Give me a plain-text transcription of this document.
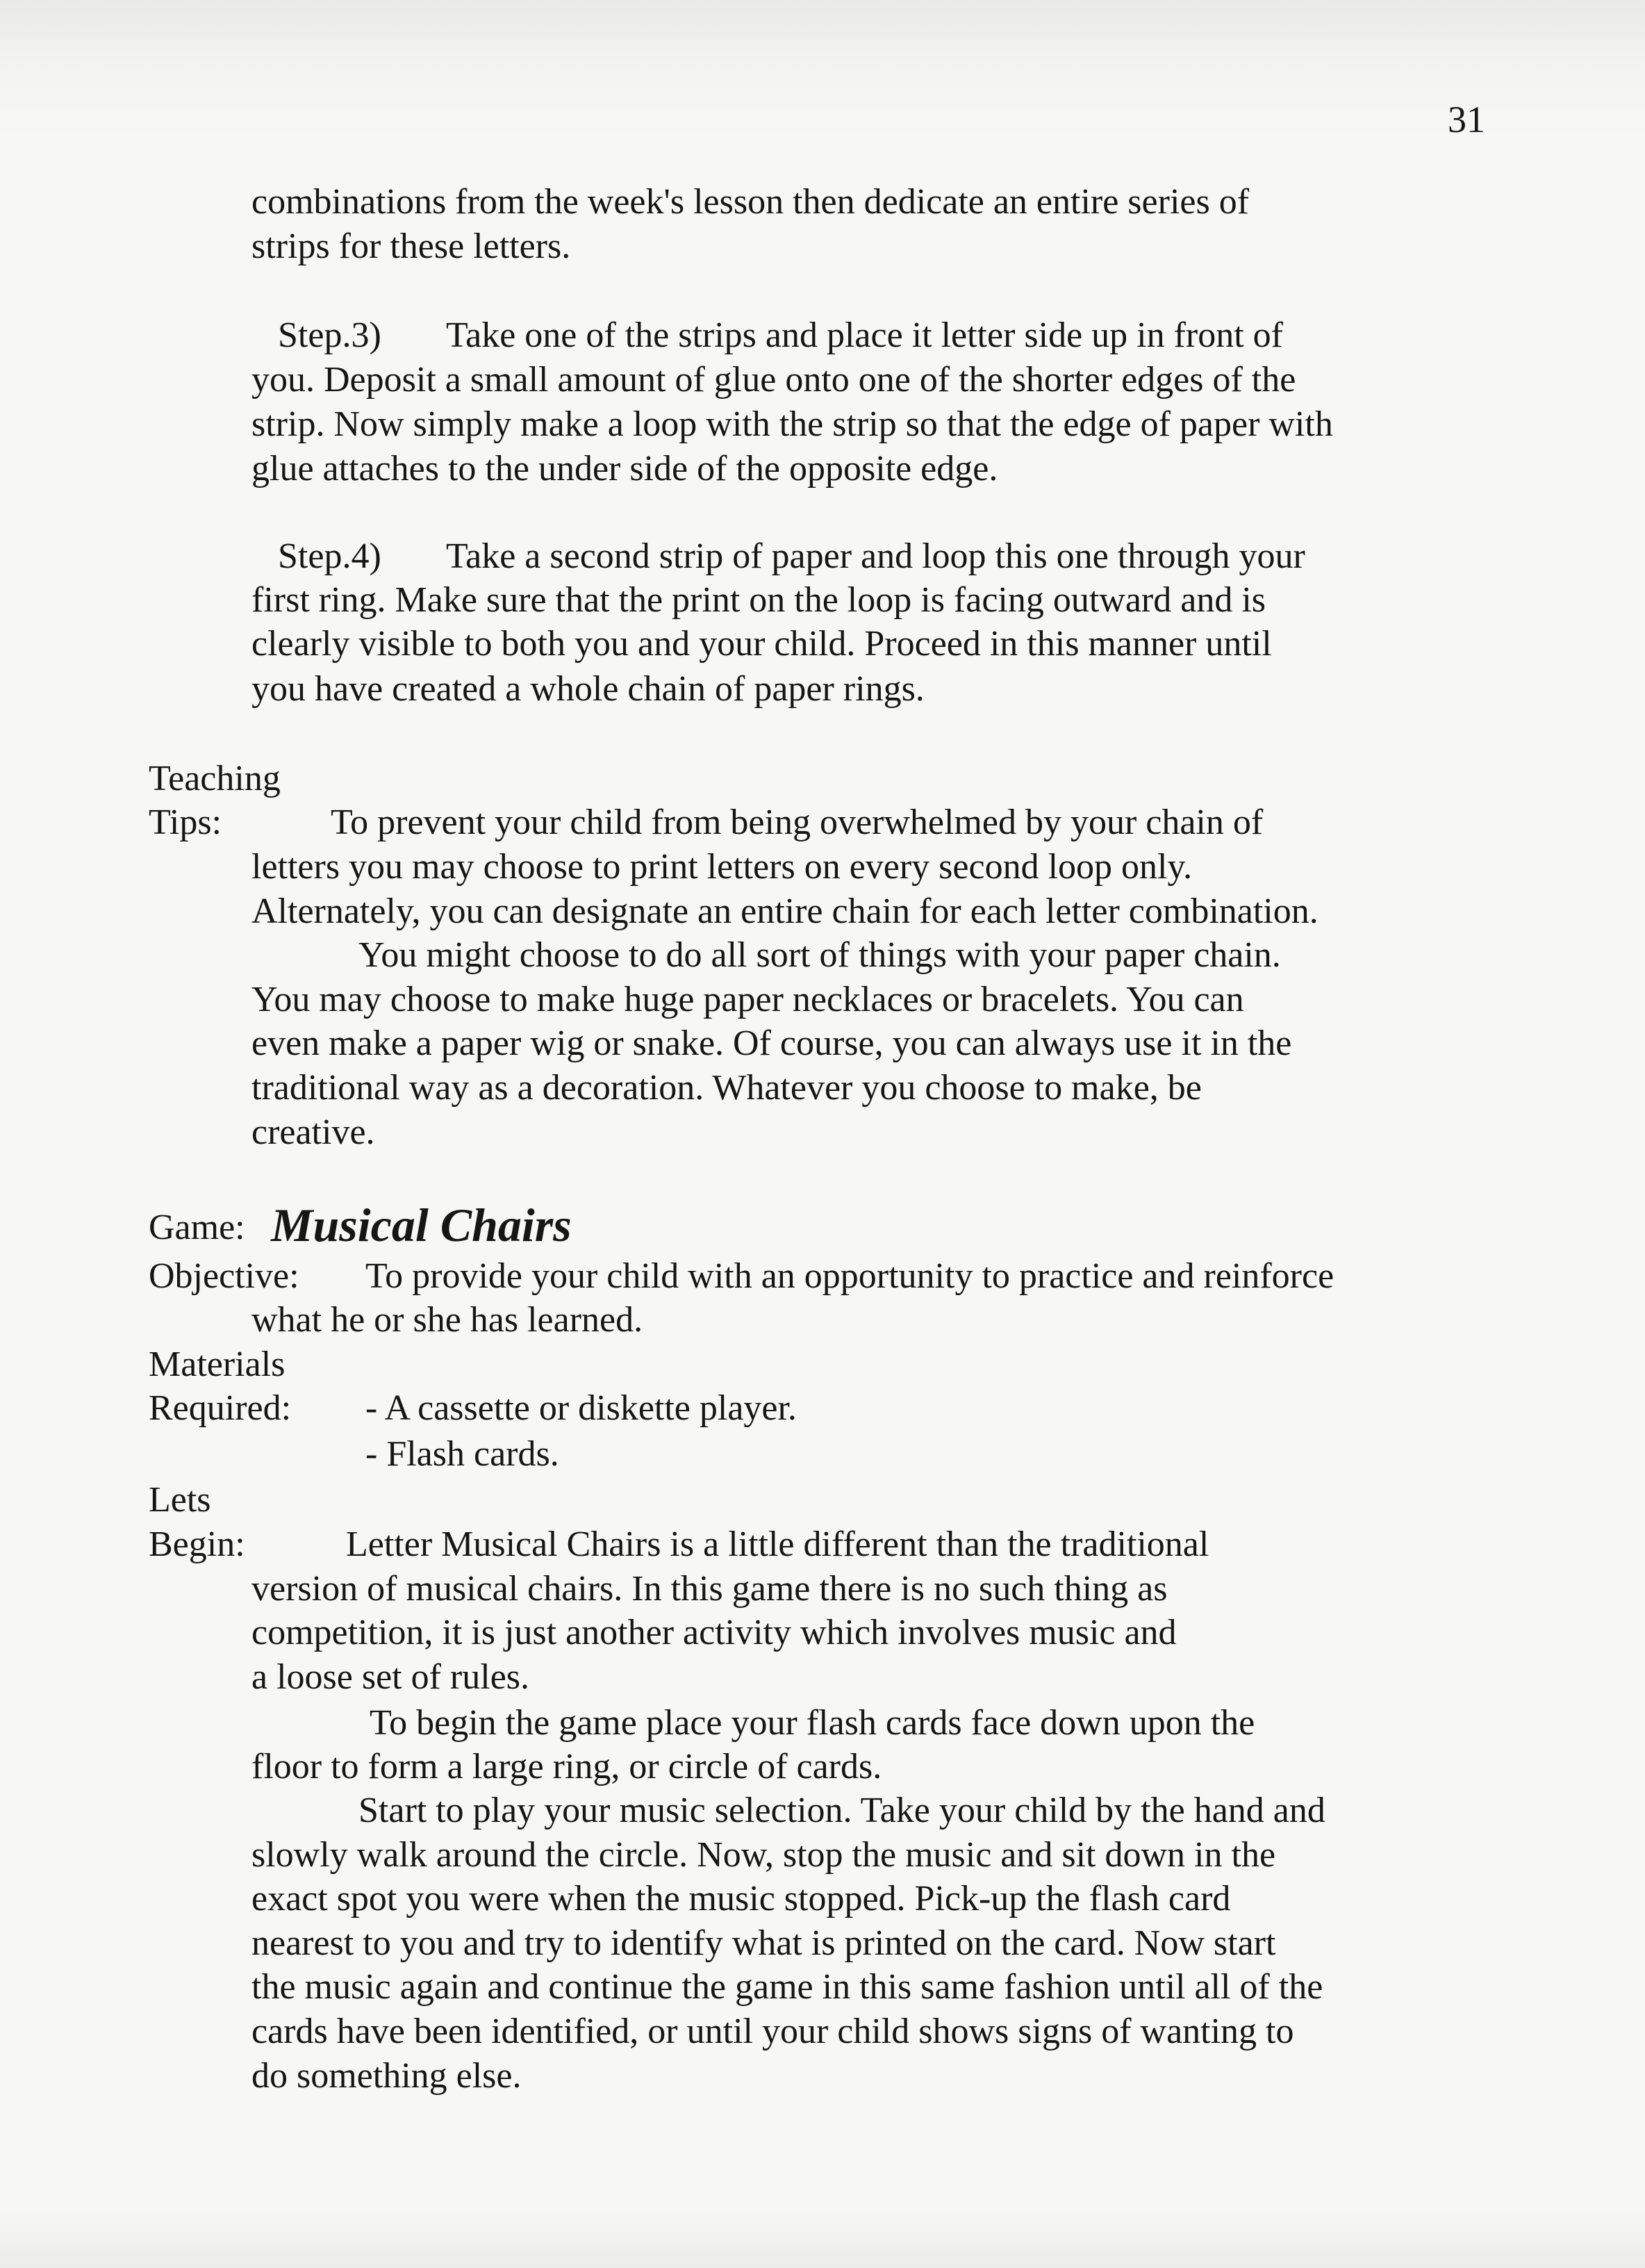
31
combinations from the week's lesson then dedicate an entire series of
strips for these letters.
Step.3) Take one of the strips and place it letter side up in front of
you. Deposit a small amount of glue onto one of the shorter edges of the
strip. Now simply make a loop with the strip so that the edge of paper with
glue attaches to the under side of the opposite edge.
Step.4) Take a second strip of paper and loop this one through your
first ring. Make sure that the print on the loop is facing outward and is
clearly visible to both you and your child. Proceed in this manner until
you have created a whole chain of paper rings.
Teaching
Tips:	To prevent your child from being overwhelmed by your chain of
letters you may choose to print letters on every second loop only.
Alternately, you can designate an entire chain for each letter combination.
You might choose to do all sort of things with your paper chain.
You may choose to make huge paper necklaces or bracelets. You can
even make a paper wig or snake. Of course, you can always use it in the
traditional way as a decoration. Whatever you choose to make, be
creative.
Game: Musical Chairs
Objective: To provide your child with an opportunity to practice and reinforce
what he or she has learned.
Materials
Required: - A cassette or diskette player.
- Flash cards.
Lets
Begin:	Letter Musical Chairs is a little different than the traditional
version of musical chairs. In this game there is no such thing as
competition, it is just another activity which involves music and
a loose set of rules.
To begin the game place your flash cards face down upon the
floor to form a large ring, or circle of cards.
Start to play your music selection. Take your child by the hand and
slowly walk around the circle. Now, stop the music and sit down in the
exact spot you were when the music stopped. Pick-up the flash card
nearest to you and try to identify what is printed on the card. Now start
the music again and continue the game in this same fashion until all of the
cards have been identified, or until your child shows signs of wanting to
do something else.
